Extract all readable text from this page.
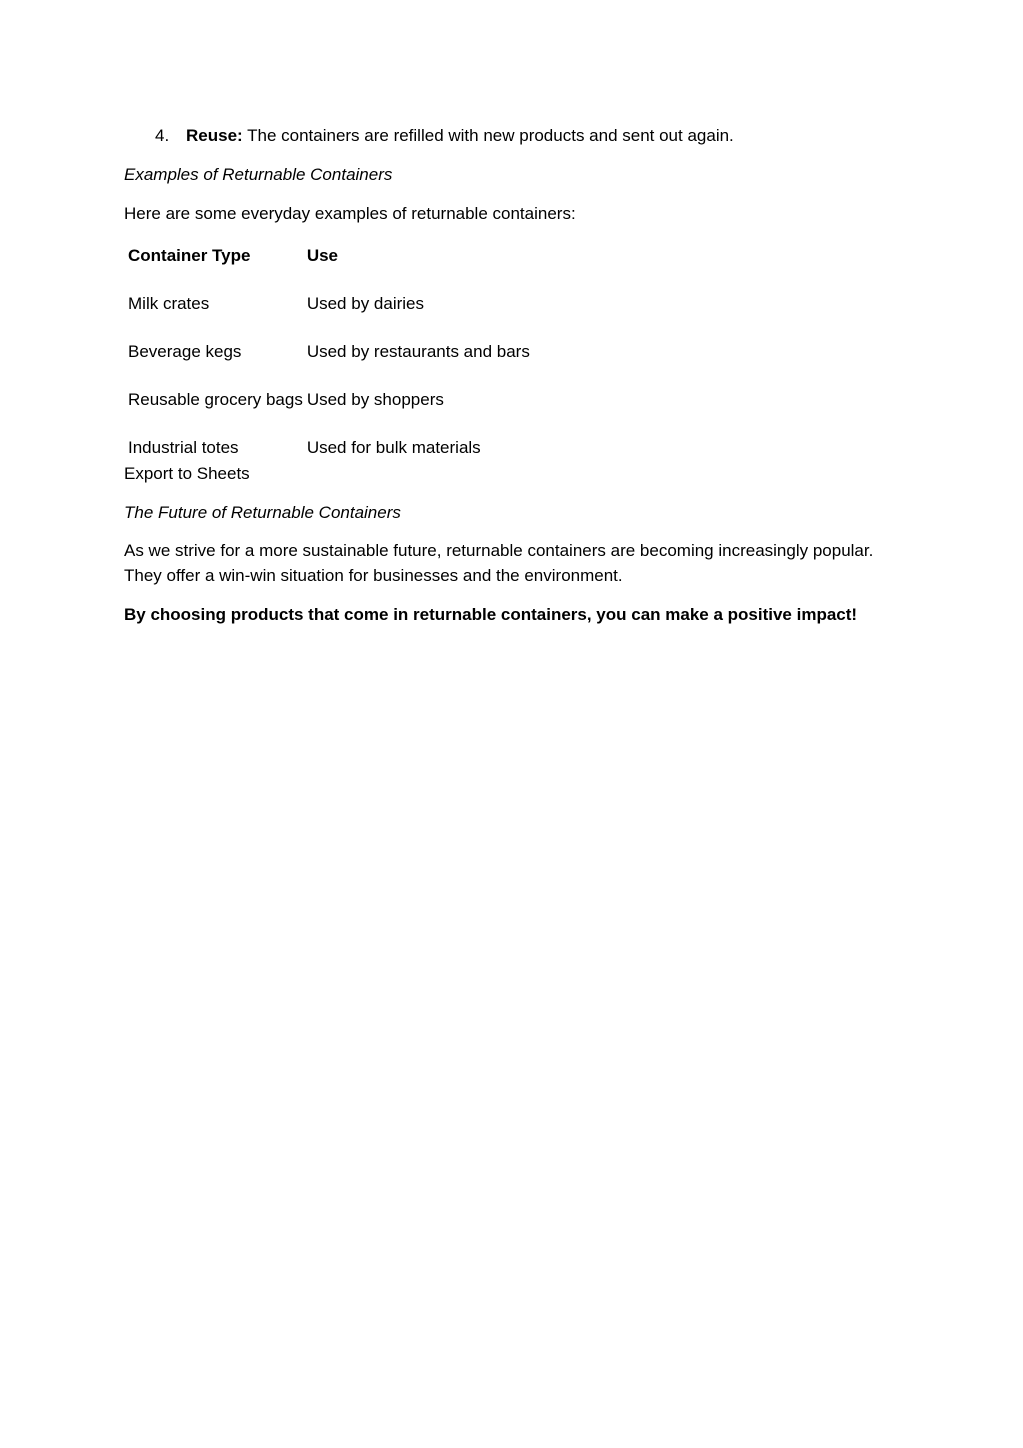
4. Reuse: The containers are refilled with new products and sent out again.

Examples of Returnable Containers

Here are some everyday examples of returnable containers:

Container Type	Use
Milk crates	Used by dairies
Beverage kegs	Used by restaurants and bars
Reusable grocery bags	Used by shoppers
Industrial totes	Used for bulk materials

Export to Sheets

The Future of Returnable Containers

As we strive for a more sustainable future, returnable containers are becoming increasingly popular. They offer a win-win situation for businesses and the environment.

By choosing products that come in returnable containers, you can make a positive impact!
